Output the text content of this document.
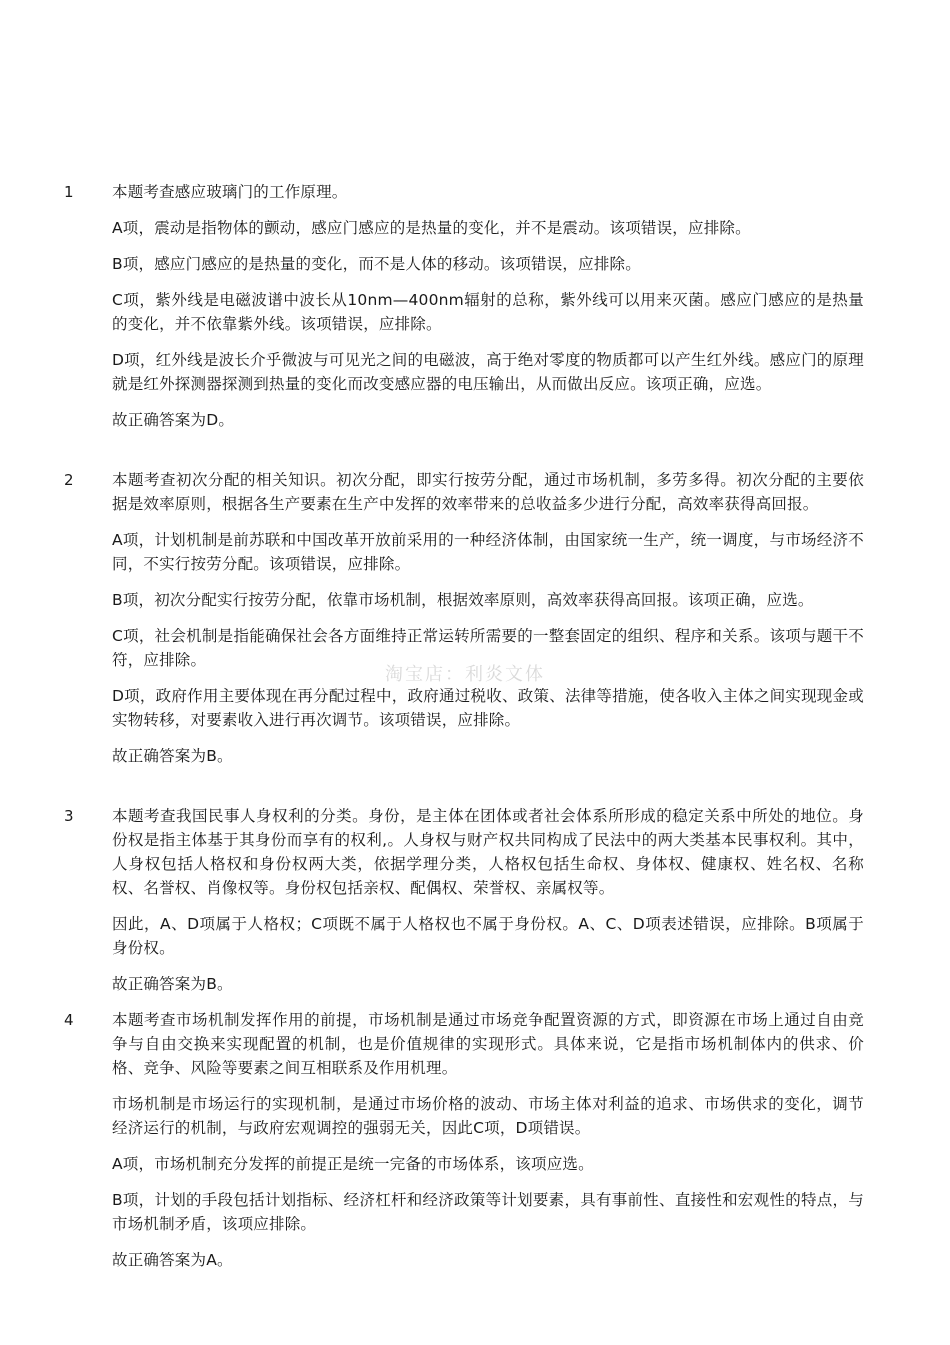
淘宝店：利炎文体
1 本题考查感应玻璃门的工作原理。

A项，震动是指物体的颤动，感应门感应的是热量的变化，并不是震动。该项错误，应排除。

B项，感应门感应的是热量的变化，而不是人体的移动。该项错误，应排除。

C项，紫外线是电磁波谱中波长从10nm—400nm辐射的总称，紫外线可以用来灭菌。感应门感应的是热量的变化，并不依靠紫外线。该项错误，应排除。

D项，红外线是波长介乎微波与可见光之间的电磁波，高于绝对零度的物质都可以产生红外线。感应门的原理就是红外探测器探测到热量的变化而改变感应器的电压输出，从而做出反应。该项正确，应选。

故正确答案为D。

2 本题考查初次分配的相关知识。初次分配，即实行按劳分配，通过市场机制，多劳多得。初次分配的主要依据是效率原则，根据各生产要素在生产中发挥的效率带来的总收益多少进行分配，高效率获得高回报。

A项，计划机制是前苏联和中国改革开放前采用的一种经济体制，由国家统一生产，统一调度，与市场经济不同，不实行按劳分配。该项错误，应排除。

B项，初次分配实行按劳分配，依靠市场机制，根据效率原则，高效率获得高回报。该项正确，应选。

C项，社会机制是指能确保社会各方面维持正常运转所需要的一整套固定的组织、程序和关系。该项与题干不符，应排除。

D项，政府作用主要体现在再分配过程中，政府通过税收、政策、法律等措施，使各收入主体之间实现现金或实物转移，对要素收入进行再次调节。该项错误，应排除。

故正确答案为B。

3 本题考查我国民事人身权利的分类。身份，是主体在团体或者社会体系所形成的稳定关系中所处的地位。身份权是指主体基于其身份而享有的权利,。人身权与财产权共同构成了民法中的两大类基本民事权利。其中，人身权包括人格权和身份权两大类，依据学理分类，人格权包括生命权、身体权、健康权、姓名权、名称权、名誉权、肖像权等。身份权包括亲权、配偶权、荣誉权、亲属权等。

因此，A、D项属于人格权；C项既不属于人格权也不属于身份权。A、C、D项表述错误，应排除。B项属于身份权。

故正确答案为B。

4 本题考查市场机制发挥作用的前提，市场机制是通过市场竞争配置资源的方式，即资源在市场上通过自由竞争与自由交换来实现配置的机制，也是价值规律的实现形式。具体来说，它是指市场机制体内的供求、价格、竞争、风险等要素之间互相联系及作用机理。

市场机制是市场运行的实现机制，是通过市场价格的波动、市场主体对利益的追求、市场供求的变化，调节经济运行的机制，与政府宏观调控的强弱无关，因此C项，D项错误。

A项，市场机制充分发挥的前提正是统一完备的市场体系，该项应选。

B项，计划的手段包括计划指标、经济杠杆和经济政策等计划要素，具有事前性、直接性和宏观性的特点，与市场机制矛盾，该项应排除。

故正确答案为A。
